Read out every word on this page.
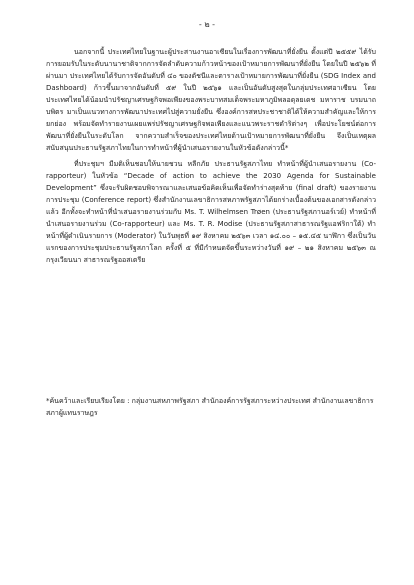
- ๒ -

นอกจากนี้ ประเทศไทยในฐานะผู้ประสานงานอาเซียนในเรื่องการพัฒนาที่ยั่งยืน ตั้งแต่ปี ๒๕๕๙ ได้รับการยอมรับในระดับนานาชาติจากการจัดลำดับความก้าวหน้าของเป้าหมายการพัฒนาที่ยั่งยืน โดยในปี ๒๕๖๒ ที่ผ่านมา ประเทศไทยได้รับการจัดอันดับที่ ๔๐ ของดัชนีและตารางเป้าหมายการพัฒนาที่ยั่งยืน (SDG Index and Dashboard) ก้าวขึ้นมาจากอันดับที่ ๕๙ ในปี ๒๕๖๑ และเป็นอันดับสูงสุดในกลุ่มประเทศอาเซียน โดยประเทศไทยได้น้อมนำปรัชญาเศรษฐกิจพอเพียงของพระบาทสมเด็จพระมหาภูมิพลอดุลยเดช มหาราช บรมนาถบพิตร มาเป็นแนวทางการพัฒนาประเทศไปสู่ความยั่งยืน ซึ่งองค์การสหประชาชาติได้ให้ความสำคัญและให้การยกย่อง พร้อมจัดทำรายงานเผยแพร่ปรัชญาเศรษฐกิจพอเพียงและแนวพระราชดำริต่างๆ เพื่อประโยชน์ต่อการพัฒนาที่ยั่งยืนในระดับโลก จากความสำเร็จของประเทศไทยด้านเป้าหมายการพัฒนาที่ยั่งยืน จึงเป็นเหตุผลสนับสนุนประธานรัฐสภาไทยในการทำหน้าที่ผู้นำเสนอรายงานในหัวข้อดังกล่าวนี้*

ที่ประชุมฯ มีมติเห็นชอบให้นายชวน หลีกภัย ประธานรัฐสภาไทย ทำหน้าที่ผู้นำเสนอรายงาน (Co-rapporteur) ในหัวข้อ “Decade of action to achieve the 2030 Agenda for Sustainable Development” ซึ่งจะรับผิดชอบพิจารณาและเสนอข้อคิดเห็นเพื่อจัดทำร่างสุดท้าย (final draft) ของรายงานการประชุม (Conference report) ซึ่งสำนักงานเลขาธิการสหภาพรัฐสภาได้ยกร่างเบื้องต้นของเอกสารดังกล่าวแล้ว อีกทั้งจะทำหน้าที่นำเสนอรายงานร่วมกับ Ms. T. Wilhelmsen Trøen (ประธานรัฐสภานอร์เวย์) ทำหน้าที่นำเสนอรายงานร่วม (Co-rapporteur) และ Ms. T. R. Modise (ประธานรัฐสภาสาธารณรัฐแอฟริกาใต้) ทำหน้าที่ผู้ดำเนินรายการ (Moderator) ในวันพุธที่ ๑๙ สิงหาคม ๒๕๖๓ เวลา ๑๔.๐๐ – ๑๕.๔๕ นาฬิกา ซึ่งเป็นวันแรกของการประชุมประธานรัฐสภาโลก ครั้งที่ ๕ ที่มีกำหนดจัดขึ้นระหว่างวันที่ ๑๙ – ๒๑ สิงหาคม ๒๕๖๓ ณ กรุงเวียนนา สาธารณรัฐออสเตรีย

*ค้นคว้าและเรียบเรียงโดย : กลุ่มงานสหภาพรัฐสภา สำนักองค์การรัฐสภาระหว่างประเทศ สำนักงานเลขาธิการสภาผู้แทนราษฎร
